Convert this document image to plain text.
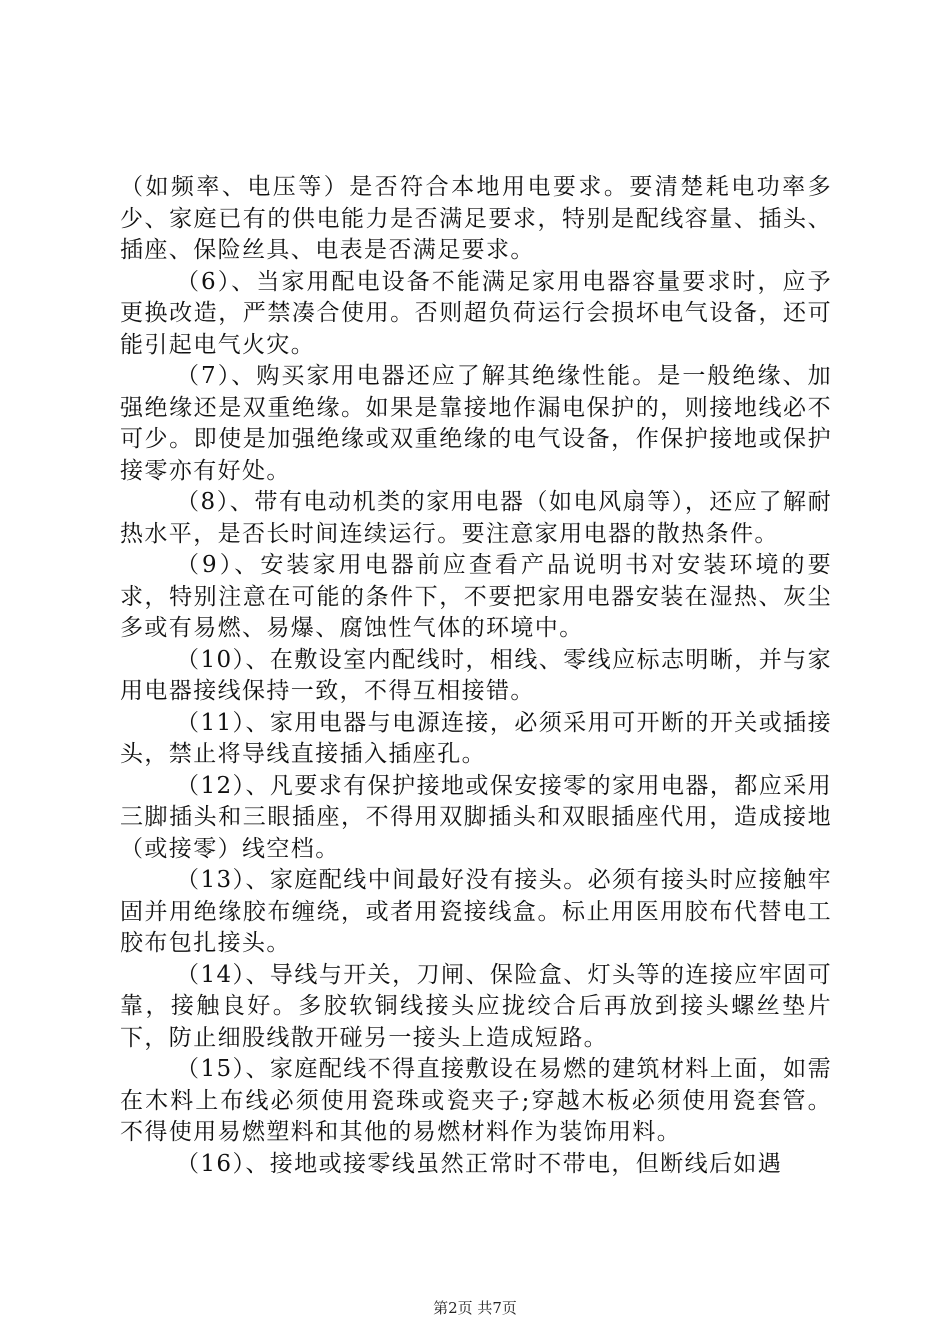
（如频率、电压等）是否符合本地用电要求。要清楚耗电功率多少、家庭已有的供电能力是否满足要求，特别是配线容量、插头、插座、保险丝具、电表是否满足要求。

（6）、当家用配电设备不能满足家用电器容量要求时，应予更换改造，严禁凑合使用。否则超负荷运行会损坏电气设备，还可能引起电气火灾。

（7）、购买家用电器还应了解其绝缘性能。是一般绝缘、加强绝缘还是双重绝缘。如果是靠接地作漏电保护的，则接地线必不可少。即使是加强绝缘或双重绝缘的电气设备，作保护接地或保护接零亦有好处。

（8）、带有电动机类的家用电器（如电风扇等），还应了解耐热水平，是否长时间连续运行。要注意家用电器的散热条件。

（9）、安装家用电器前应查看产品说明书对安装环境的要求，特别注意在可能的条件下，不要把家用电器安装在湿热、灰尘多或有易燃、易爆、腐蚀性气体的环境中。

（10）、在敷设室内配线时，相线、零线应标志明晰，并与家用电器接线保持一致，不得互相接错。

（11）、家用电器与电源连接，必须采用可开断的开关或插接头，禁止将导线直接插入插座孔。

（12）、凡要求有保护接地或保安接零的家用电器，都应采用三脚插头和三眼插座，不得用双脚插头和双眼插座代用，造成接地（或接零）线空档。

（13）、家庭配线中间最好没有接头。必须有接头时应接触牢固并用绝缘胶布缠绕，或者用瓷接线盒。标止用医用胶布代替电工胶布包扎接头。

（14）、导线与开关，刀闸、保险盒、灯头等的连接应牢固可靠，接触良好。多胶软铜线接头应拢绞合后再放到接头螺丝垫片下，防止细股线散开碰另一接头上造成短路。

（15）、家庭配线不得直接敷设在易燃的建筑材料上面，如需在木料上布线必须使用瓷珠或瓷夹子;穿越木板必须使用瓷套管。不得使用易燃塑料和其他的易燃材料作为装饰用料。

（16）、接地或接零线虽然正常时不带电，但断线后如遇

第2页 共7页
